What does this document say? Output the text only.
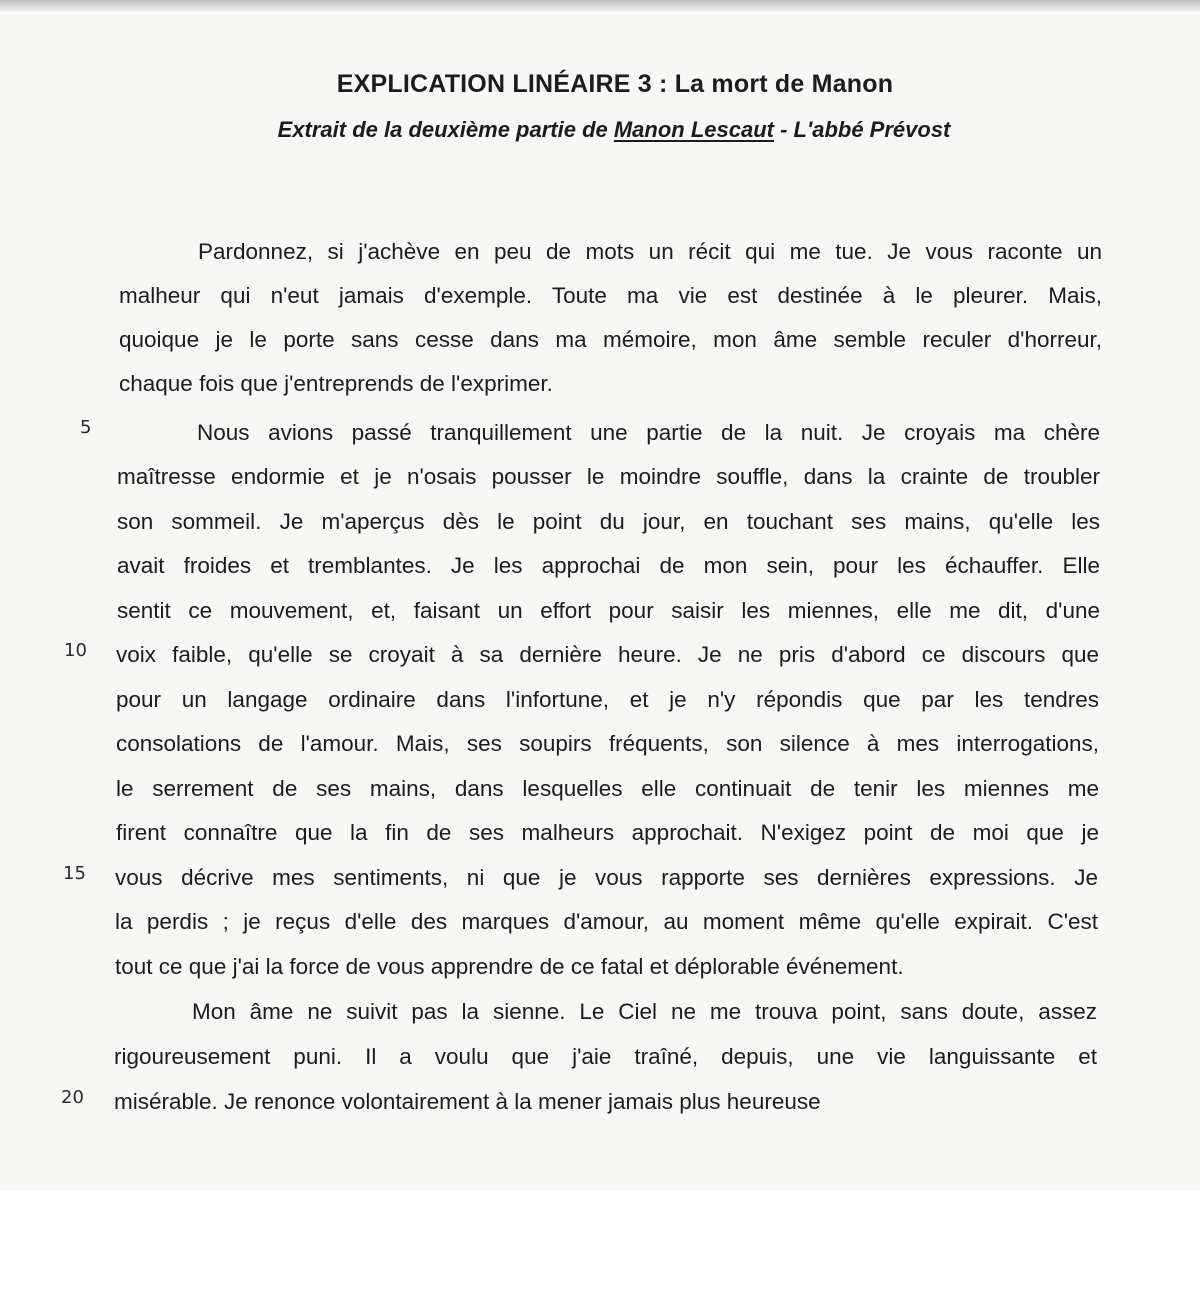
EXPLICATION LINÉAIRE 3 : La mort de Manon
Extrait de la deuxième partie de Manon Lescaut - L'abbé Prévost
Pardonnez, si j'achève en peu de mots un récit qui me tue. Je vous raconte un
malheur qui n'eut jamais d'exemple. Toute ma vie est destinée à le pleurer. Mais,
quoique je le porte sans cesse dans ma mémoire, mon âme semble reculer d'horreur,
chaque fois que j'entreprends de l'exprimer.
Nous avions passé tranquillement une partie de la nuit. Je croyais ma chère
maîtresse endormie et je n'osais pousser le moindre souffle, dans la crainte de troubler
son sommeil. Je m'aperçus dès le point du jour, en touchant ses mains, qu'elle les
avait froides et tremblantes. Je les approchai de mon sein, pour les échauffer. Elle
sentit ce mouvement, et, faisant un effort pour saisir les miennes, elle me dit, d'une
voix faible, qu'elle se croyait à sa dernière heure. Je ne pris d'abord ce discours que
pour un langage ordinaire dans l'infortune, et je n'y répondis que par les tendres
consolations de l'amour. Mais, ses soupirs fréquents, son silence à mes interrogations,
le serrement de ses mains, dans lesquelles elle continuait de tenir les miennes me
firent connaître que la fin de ses malheurs approchait. N'exigez point de moi que je
vous décrive mes sentiments, ni que je vous rapporte ses dernières expressions. Je
la perdis ; je reçus d'elle des marques d'amour, au moment même qu'elle expirait. C'est
tout ce que j'ai la force de vous apprendre de ce fatal et déplorable événement.
Mon âme ne suivit pas la sienne. Le Ciel ne me trouva point, sans doute, assez
rigoureusement puni. Il a voulu que j'aie traîné, depuis, une vie languissante et
misérable. Je renonce volontairement à la mener jamais plus heureuse
5
10
15
20
